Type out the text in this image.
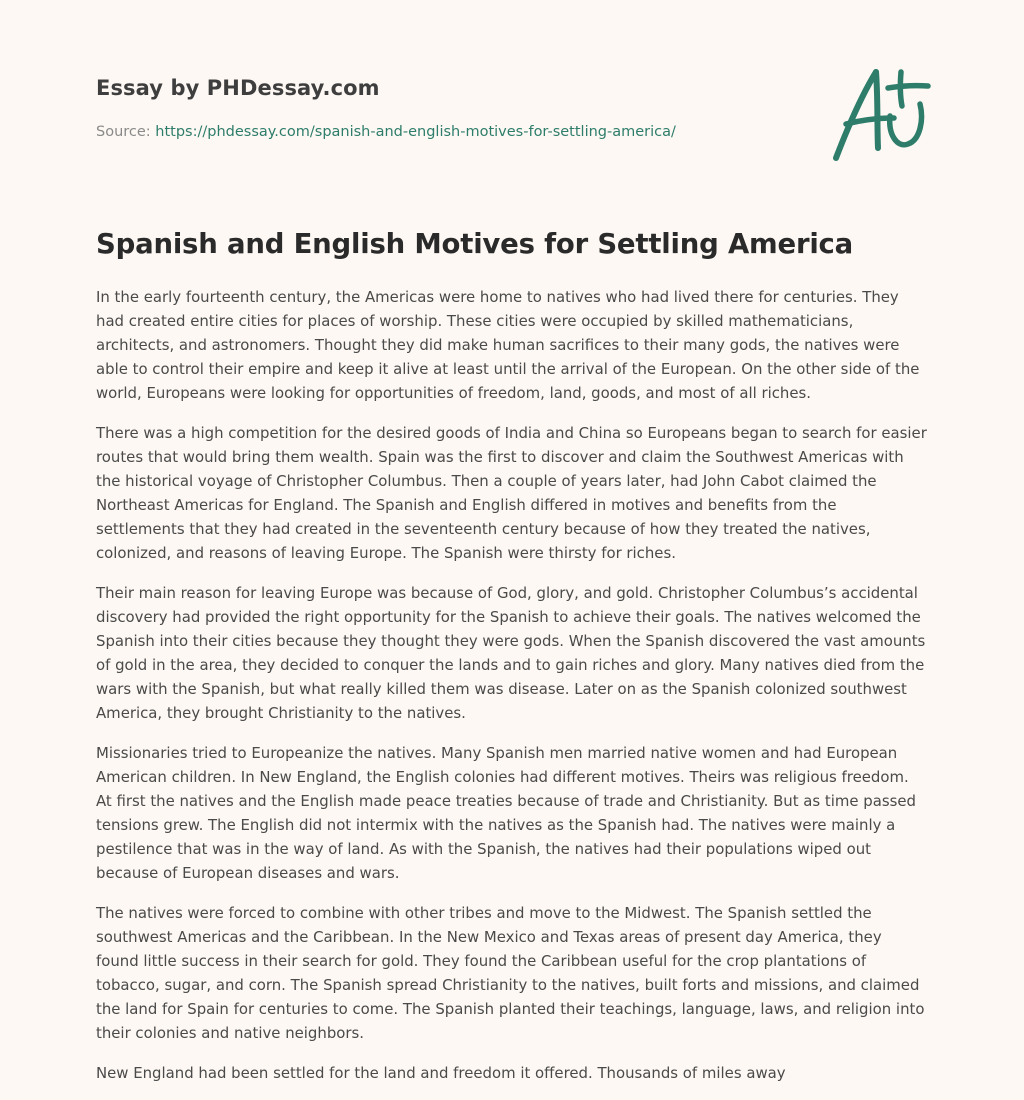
Essay by PHDessay.com
Source: https://phdessay.com/spanish-and-english-motives-for-settling-america/
Spanish and English Motives for Settling America

In the early fourteenth century, the Americas were home to natives who had lived there for centuries. They had created entire cities for places of worship. These cities were occupied by skilled mathematicians, architects, and astronomers. Thought they did make human sacrifices to their many gods, the natives were able to control their empire and keep it alive at least until the arrival of the European. On the other side of the world, Europeans were looking for opportunities of freedom, land, goods, and most of all riches.

There was a high competition for the desired goods of India and China so Europeans began to search for easier routes that would bring them wealth. Spain was the first to discover and claim the Southwest Americas with the historical voyage of Christopher Columbus. Then a couple of years later, had John Cabot claimed the Northeast Americas for England. The Spanish and English differed in motives and benefits from the settlements that they had created in the seventeenth century because of how they treated the natives, colonized, and reasons of leaving Europe. The Spanish were thirsty for riches.

Their main reason for leaving Europe was because of God, glory, and gold. Christopher Columbus’s accidental discovery had provided the right opportunity for the Spanish to achieve their goals. The natives welcomed the Spanish into their cities because they thought they were gods. When the Spanish discovered the vast amounts of gold in the area, they decided to conquer the lands and to gain riches and glory. Many natives died from the wars with the Spanish, but what really killed them was disease. Later on as the Spanish colonized southwest America, they brought Christianity to the natives.

Missionaries tried to Europeanize the natives. Many Spanish men married native women and had European American children. In New England, the English colonies had different motives. Theirs was religious freedom. At first the natives and the English made peace treaties because of trade and Christianity. But as time passed tensions grew. The English did not intermix with the natives as the Spanish had. The natives were mainly a pestilence that was in the way of land. As with the Spanish, the natives had their populations wiped out because of European diseases and wars.

The natives were forced to combine with other tribes and move to the Midwest. The Spanish settled the southwest Americas and the Caribbean. In the New Mexico and Texas areas of present day America, they found little success in their search for gold. They found the Caribbean useful for the crop plantations of tobacco, sugar, and corn. The Spanish spread Christianity to the natives, built forts and missions, and claimed the land for Spain for centuries to come. The Spanish planted their teachings, language, laws, and religion into their colonies and native neighbors.

New England had been settled for the land and freedom it offered. Thousands of miles away
